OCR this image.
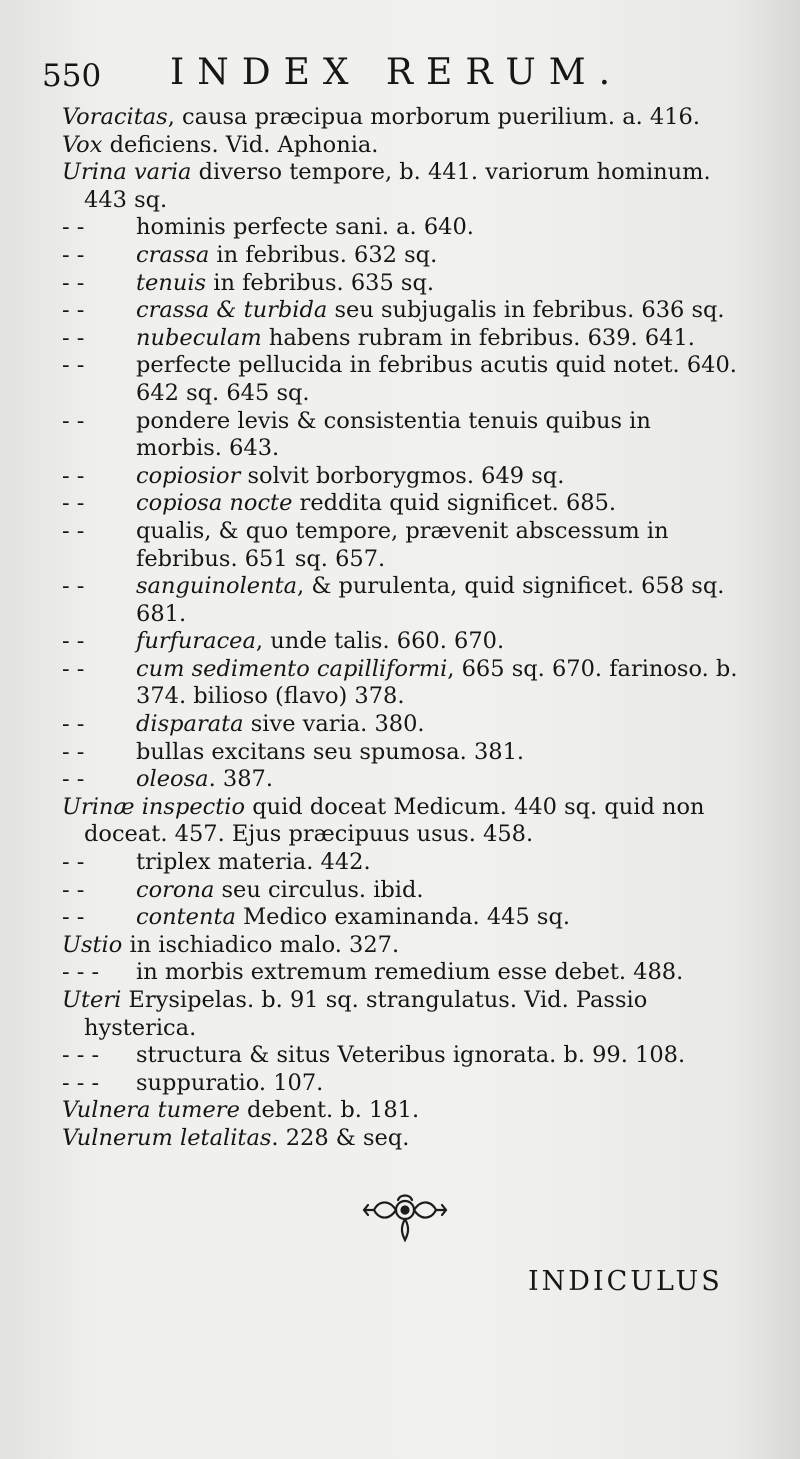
550 INDEX RERUM.
Voracitas, causa præcipua morborum puerilium. a. 416.
Vox deficiens. Vid. Aphonia.
Urina varia diverso tempore, b. 441. variorum hominum. 443 sq.
- - hominis perfecte sani. a. 640.
- - crassa in febribus. 632 sq.
- - tenuis in febribus. 635 sq.
- - crassa & turbida seu subjugalis in febribus. 636 sq.
- - nubeculam habens rubram in febribus. 639. 641.
- - perfecte pellucida in febribus acutis quid notet. 640. 642 sq. 645 sq.
- - pondere levis & consistentia tenuis quibus in morbis. 643.
- - copiosior solvit borborygmos. 649 sq.
- - copiosa nocte reddita quid significet. 685.
- - qualis, & quo tempore, prævenit abscessum in febribus. 651 sq. 657.
- - sanguinolenta, & purulenta, quid significet. 658 sq. 681.
- - furfuracea, unde talis. 660. 670.
- - cum sedimento capilliformi, 665 sq. 670. farinoso. b. 374. bilioso (flavo) 378.
- - disparata sive varia. 380.
- - bullas excitans seu spumosa. 381.
- - oleosa. 387.
Urinæ inspectio quid doceat Medicum. 440 sq. quid non doceat. 457. Ejus præcipuus usus. 458.
- - triplex materia. 442.
- - corona seu circulus. ibid.
- - contenta Medico examinanda. 445 sq.
Ustio in ischiadico malo. 327.
- - - in morbis extremum remedium esse debet. 488.
Uteri Erysipelas. b. 91 sq. strangulatus. Vid. Passio hysterica.
- - - structura & situs Veteribus ignorata. b. 99. 108.
- - - suppuratio. 107.
Vulnera tumere debent. b. 181.
Vulnerum letalitas. 228 & seq.
INDICULUS
